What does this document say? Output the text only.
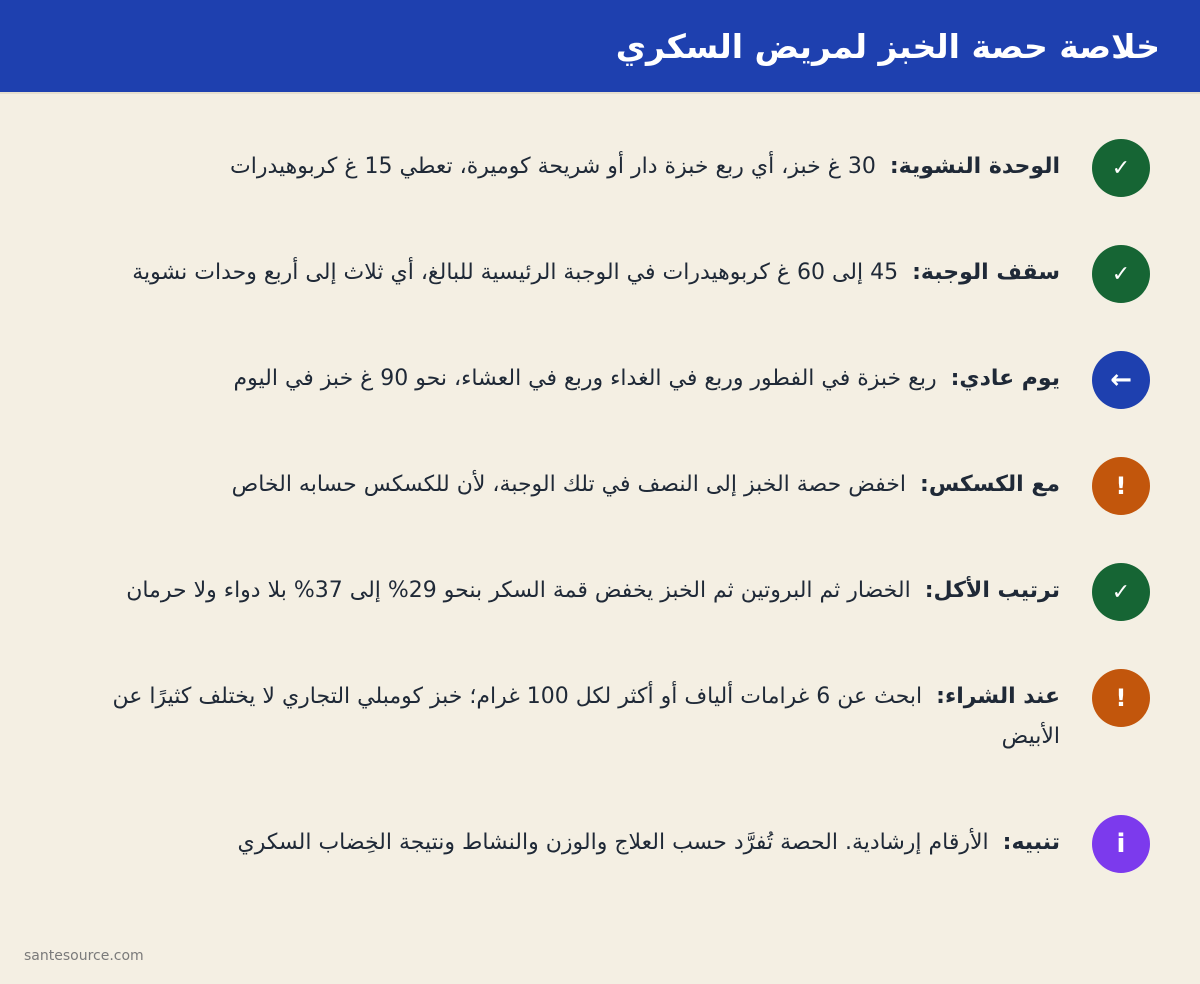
خلاصة حصة الخبز لمريض السكري
✓
الوحدة النشوية:  30 غ خبز، أي ربع خبزة دار أو شريحة كوميرة، تعطي 15 غ كربوهيدرات
✓
سقف الوجبة:  45 إلى 60 غ كربوهيدرات في الوجبة الرئيسية للبالغ، أي ثلاث إلى أربع وحدات نشوية
←
يوم عادي:  ربع خبزة في الفطور وربع في الغداء وربع في العشاء، نحو 90 غ خبز في اليوم
!
مع الكسكس:  اخفض حصة الخبز إلى النصف في تلك الوجبة، لأن للكسكس حسابه الخاص
✓
ترتيب الأكل:  الخضار ثم البروتين ثم الخبز يخفض قمة السكر بنحو 29% إلى 37% بلا دواء ولا حرمان
!
عند الشراء:  ابحث عن 6 غرامات ألياف أو أكثر لكل 100 غرام؛ خبز كومبلي التجاري لا يختلف كثيرًا عن الأبيض
i
تنبيه:  الأرقام إرشادية. الحصة تُفرَّد حسب العلاج والوزن والنشاط ونتيجة الخِضاب السكري
santesource.com
